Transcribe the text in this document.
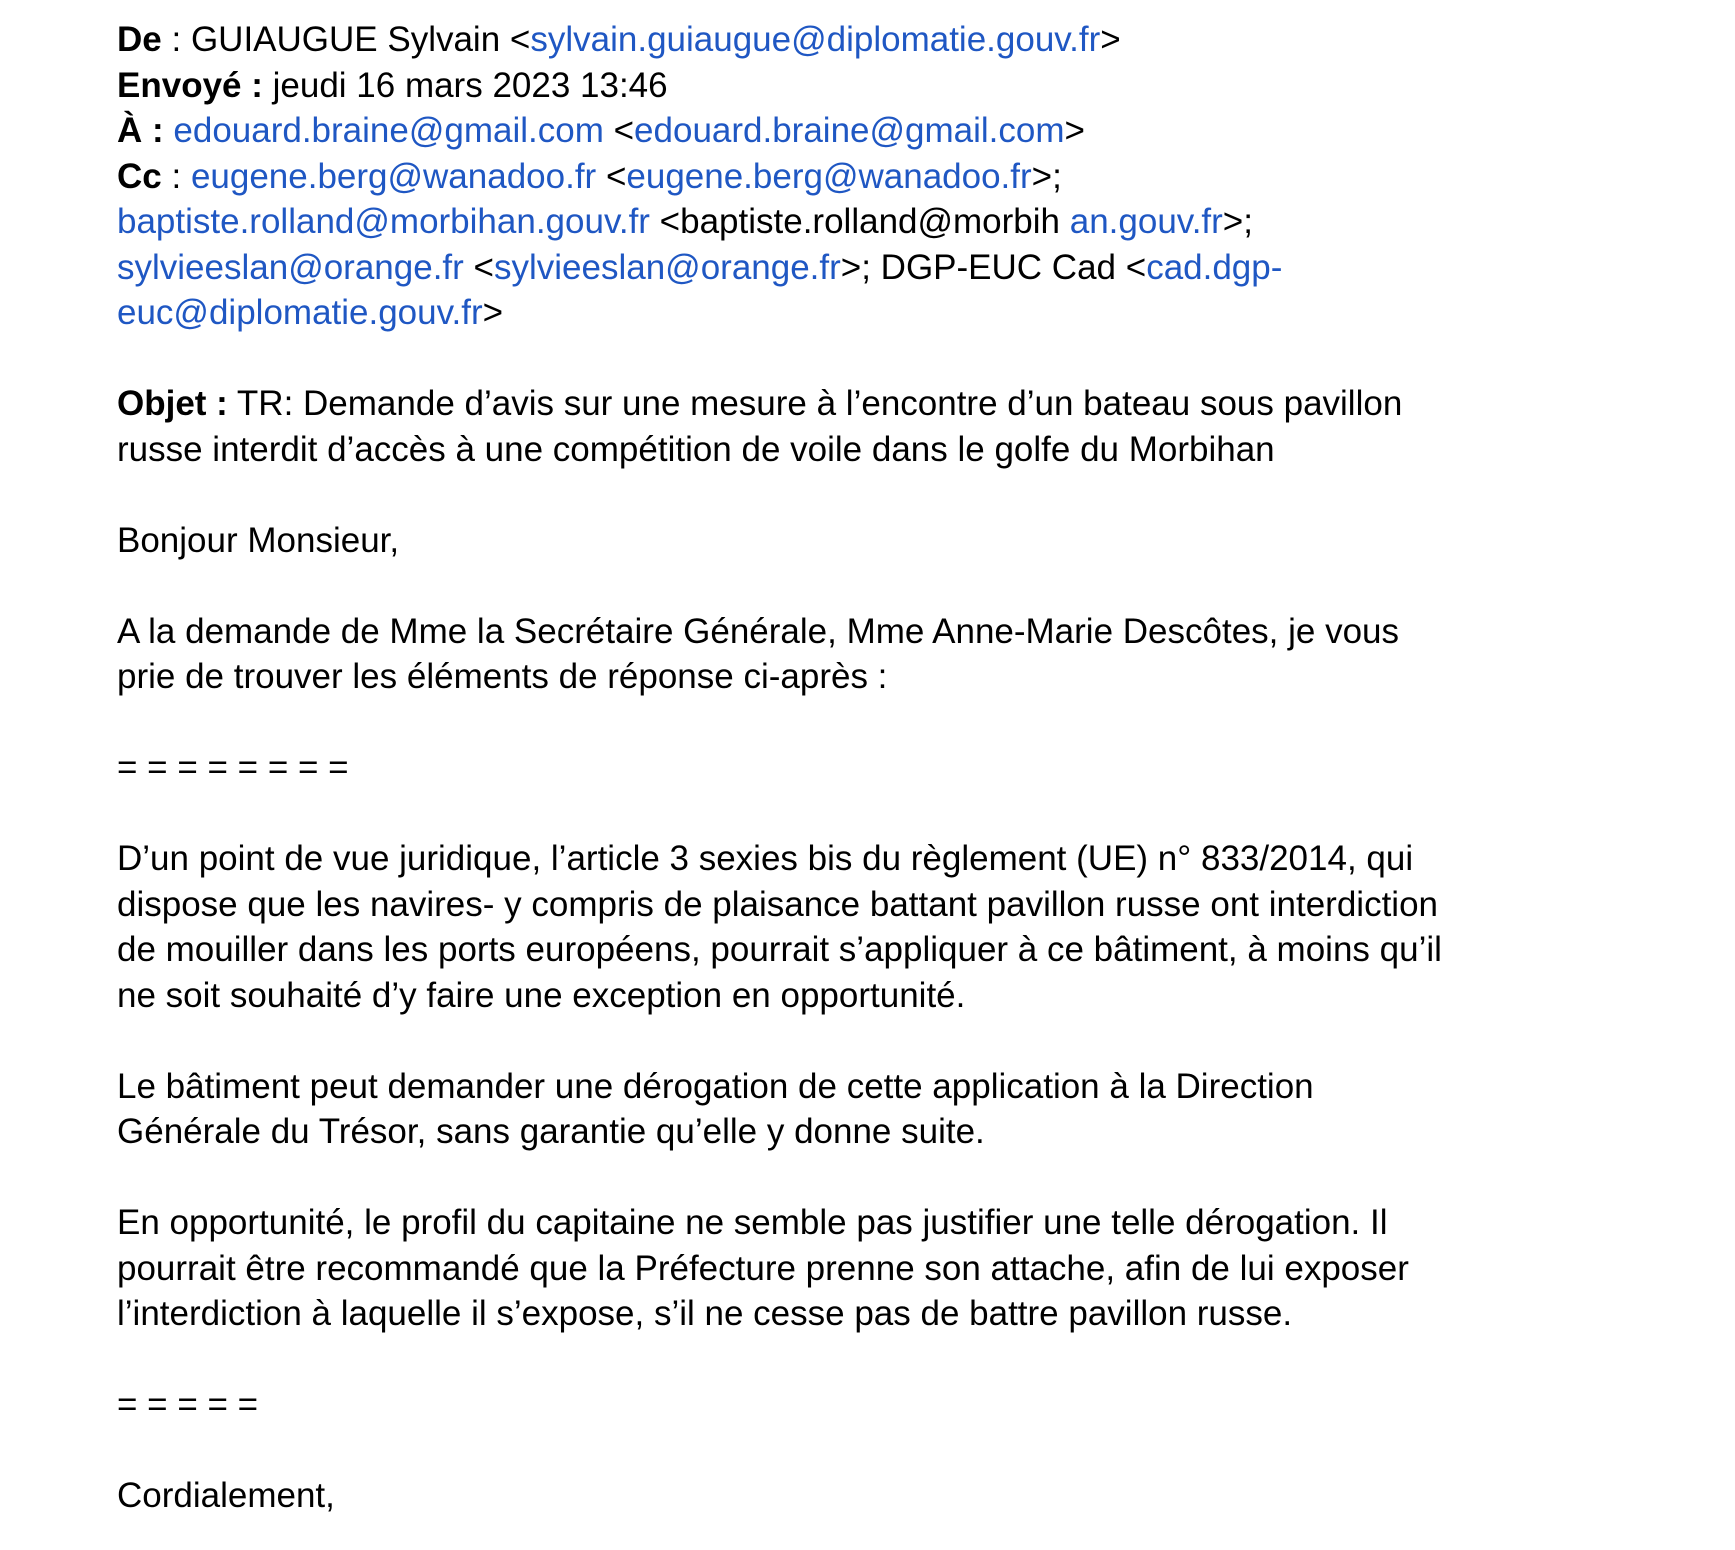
De : GUIAUGUE Sylvain <sylvain.guiaugue@diplomatie.gouv.fr>
Envoyé : jeudi 16 mars 2023 13:46
À : edouard.braine@gmail.com <edouard.braine@gmail.com>
Cc : eugene.berg@wanadoo.fr <eugene.berg@wanadoo.fr>;
baptiste.rolland@morbihan.gouv.fr <baptiste.rolland@morbih an.gouv.fr>;
sylvieeslan@orange.fr <sylvieeslan@orange.fr>; DGP-EUC Cad <cad.dgp-
euc@diplomatie.gouv.fr>
Objet : TR: Demande d’avis sur une mesure à l’encontre d’un bateau sous pavillon
russe interdit d’accès à une compétition de voile dans le golfe du Morbihan
Bonjour Monsieur,
A la demande de Mme la Secrétaire Générale, Mme Anne-Marie Descôtes, je vous
prie de trouver les éléments de réponse ci-après :
= = = = = = = =
D’un point de vue juridique, l’article 3 sexies bis du règlement (UE) n° 833/2014, qui
dispose que les navires- y compris de plaisance battant pavillon russe ont interdiction
de mouiller dans les ports européens, pourrait s’appliquer à ce bâtiment, à moins qu’il
ne soit souhaité d’y faire une exception en opportunité.
Le bâtiment peut demander une dérogation de cette application à la Direction
Générale du Trésor, sans garantie qu’elle y donne suite.
En opportunité, le profil du capitaine ne semble pas justifier une telle dérogation. Il
pourrait être recommandé que la Préfecture prenne son attache, afin de lui exposer
l’interdiction à laquelle il s’expose, s’il ne cesse pas de battre pavillon russe.
= = = = =
Cordialement,
